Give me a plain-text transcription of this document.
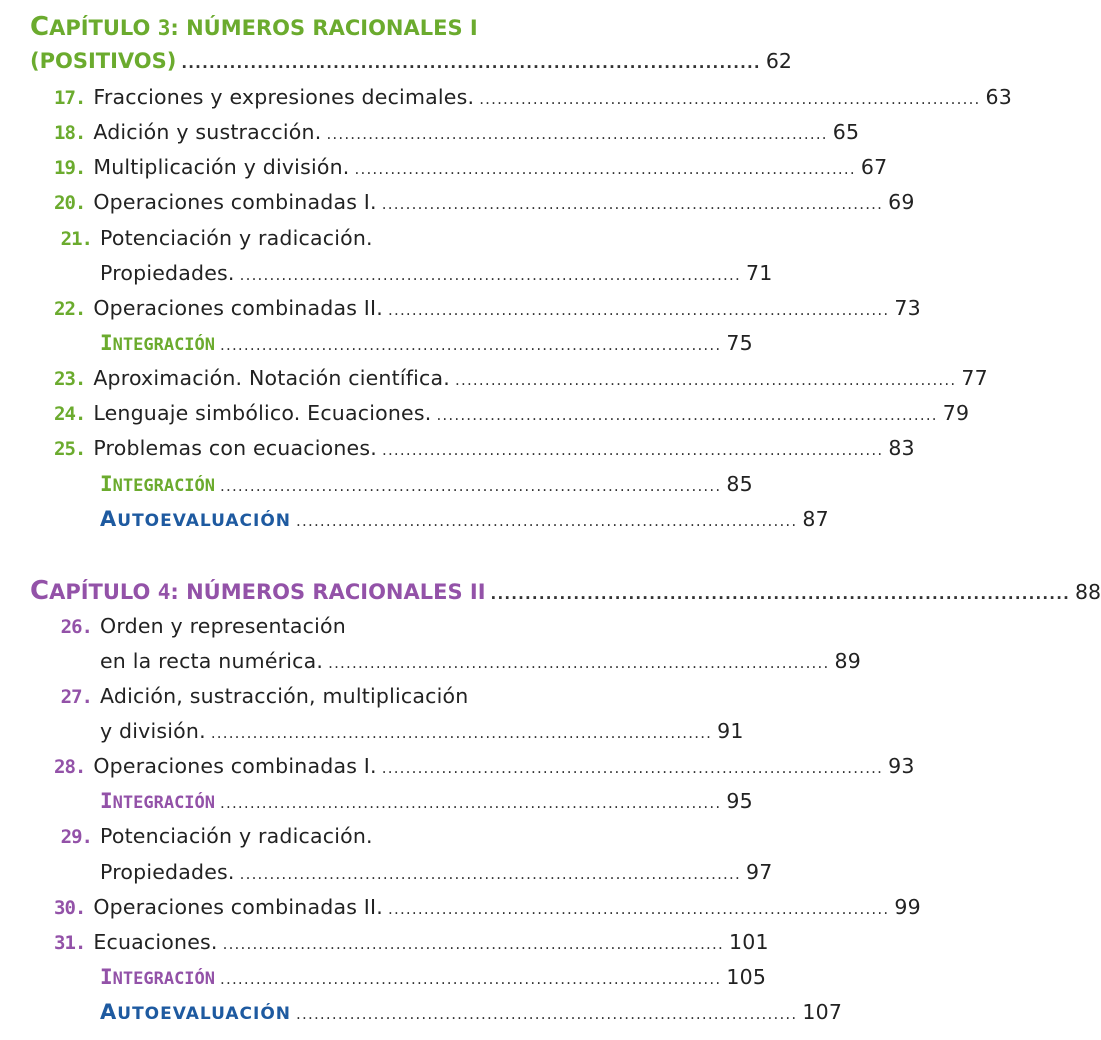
CAPÍTULO 3: NÚMEROS RACIONALES I
(POSITIVOS) .................................................................................... 62
17. Fracciones y expresiones decimales. .................................................................................... 63
18. Adición y sustracción. .................................................................................... 65
19. Multiplicación y división. .................................................................................... 67
20. Operaciones combinadas I. .................................................................................... 69
21. Potenciación y radicación.
Propiedades. .................................................................................... 71
22. Operaciones combinadas II. .................................................................................... 73
INTEGRACIÓN .................................................................................... 75
23. Aproximación. Notación científica. .................................................................................... 77
24. Lenguaje simbólico. Ecuaciones. .................................................................................... 79
25. Problemas con ecuaciones. .................................................................................... 83
INTEGRACIÓN .................................................................................... 85
AUTOEVALUACIÓN .................................................................................... 87
CAPÍTULO 4: NÚMEROS RACIONALES II .................................................................................... 88
26. Orden y representación
en la recta numérica. .................................................................................... 89
27. Adición, sustracción, multiplicación
y división. .................................................................................... 91
28. Operaciones combinadas I. .................................................................................... 93
INTEGRACIÓN .................................................................................... 95
29. Potenciación y radicación.
Propiedades. .................................................................................... 97
30. Operaciones combinadas II. .................................................................................... 99
31. Ecuaciones. .................................................................................... 101
INTEGRACIÓN .................................................................................... 105
AUTOEVALUACIÓN .................................................................................... 107
